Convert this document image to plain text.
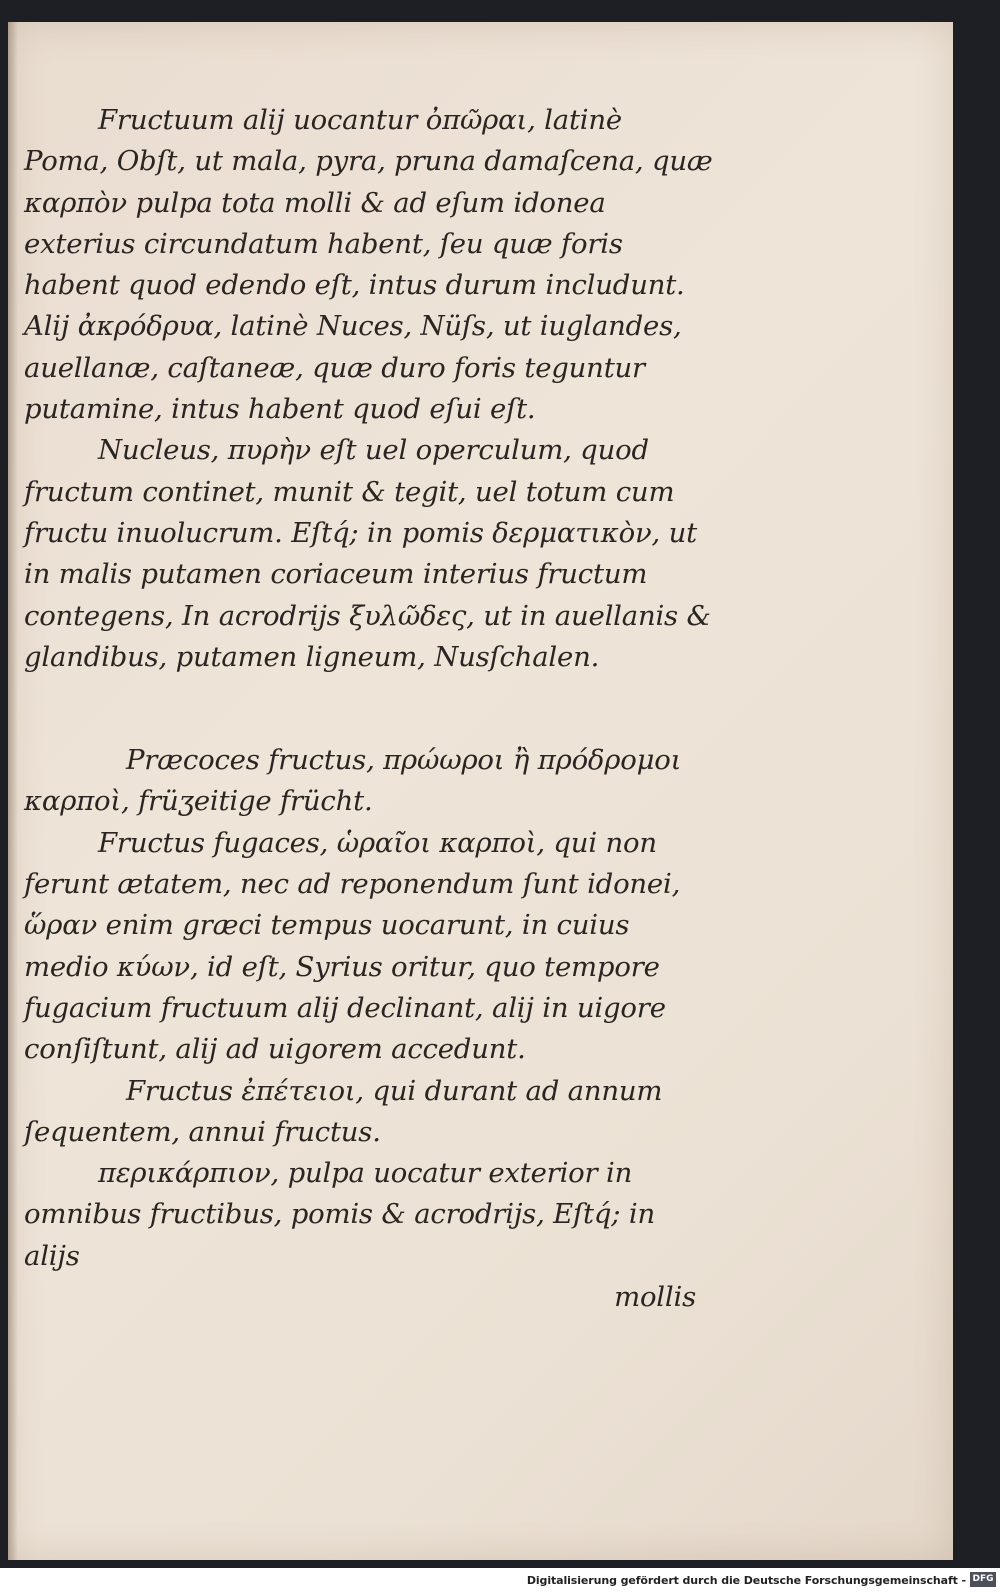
Fructuum alij uocantur ὀπῶραι, latinè Poma, Obſt, ut mala, pyra, pruna damaſcena, quæ καρπὸν pulpa tota molli & ad eſum idonea exterius circundatum habent, ſeu quæ foris habent quod edendo eſt, intus durum includunt. Alij ἀκρόδρυα, latinè Nuces, Nüſs, ut iuglandes, auellanæ, caſtaneæ, quæ duro foris teguntur putamine, intus habent quod eſui eſt.

Nucleus, πυρὴν eſt uel operculum, quod fructum continet, munit & tegit, uel totum cum fructu inuolucrum. Eſtq́; in pomis δερματικὸν, ut in malis putamen coriaceum interius fructum contegens, In acrodrijs ξυλῶδες, ut in auellanis & glandibus, putamen ligneum, Nusſchalen.

Præcoces fructus, πρώωροι ἢ πρόδρομοι καρποὶ, früʒeitige frücht.

Fructus fugaces, ὡραῖοι καρποὶ, qui non ferunt ætatem, nec ad reponendum ſunt idonei, ὥραν enim græci tempus uocarunt, in cuius medio κύων, id eſt, Syrius oritur, quo tempore fugacium fructuum alij declinant, alij in uigore conſiſtunt, alij ad uigorem accedunt.

Fructus ἐπέτειοι, qui durant ad annum ſequentem, annui fructus.

περικάρπιον, pulpa uocatur exterior in omnibus fructibus, pomis & acrodrijs, Eſtq́; in alijs

mollis

Digitalisierung gefördert durch die Deutsche Forschungsgemeinschaft - DFG
